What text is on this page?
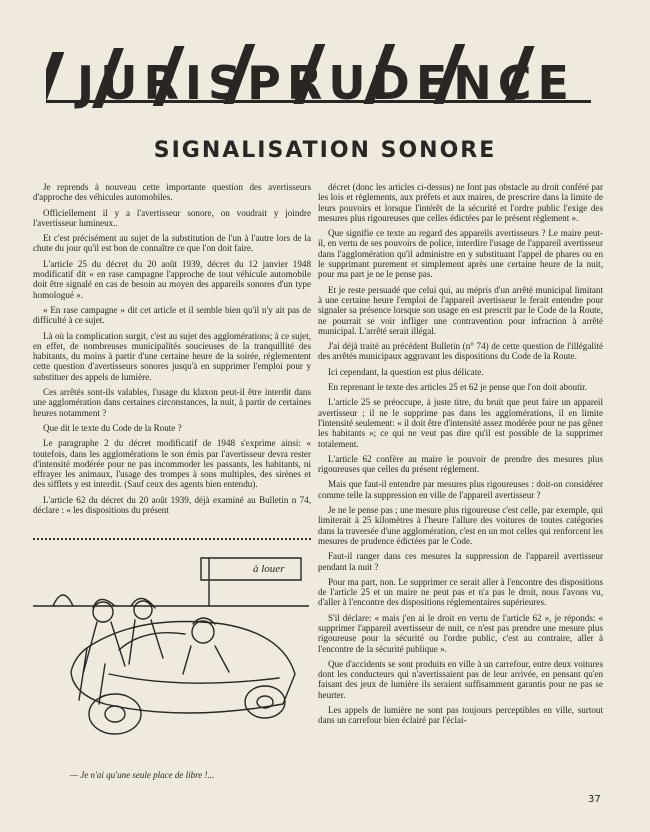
JURISPRUDENCE
SIGNALISATION SONORE

Je reprends à nouveau cette importante question des avertisseurs d'approche des véhicules automobiles.

Officiellement il y a l'avertisseur sonore, on voudrait y joindre l'avertisseur lumineux..

Et c'est précisément au sujet de la substitution de l'un à l'autre lors de la chute du jour qu'il est bon de connaître ce que l'on doit faire.

L'article 25 du décret du 20 août 1939, décret du 12 janvier 1948 modificatif dit « en rase campagne l'approche de tout véhicule automobile doit être signalé en cas de besoin au moyen des appareils sonores d'un type homologué ».

« En rase campagne » dit cet article et il semble bien qu'il n'y ait pas de difficulté à ce sujet.

Là où la complication surgit, c'est au sujet des agglomérations; à ce sujet, en effet, de nombreuses municipalités soucieuses de la tranquillité des habitants, du moins à partir d'une certaine heure de la soirée, réglementent cette question d'avertisseurs sonores jusqu'à en supprimer l'emploi pour y substituer des appels de lumière.

Ces arrêtés sont-ils valables, l'usage du klaxon peut-il être interdit dans une agglomération dans certaines circonstances, la nuit, à partir de certaines heures notamment ?

Que dit le texte du Code de la Route ?

Le paragraphe 2 du décret modificatif de 1948 s'exprime ainsi: « toutefois, dans les agglomérations le son émis par l'avertisseur devra rester d'intensité modérée pour ne pas incommoder les passants, les habitants, ni effrayer les animaux, l'usage des trompes à sons multiples, des sirènes et des sifflets y est interdit. (Sauf ceux des agents bien entendu).

L'article 62 du décret du 20 août 1939, déjà examiné au Bulletin n 74, déclare : « les dispositions du présent

à louer
— Je n'ai qu'une seule place de libre !...

décret (donc les articles ci-dessus) ne font pas obstacle au droit conféré par les lois et règlements, aux préfets et aux maires, de prescrire dans la limite de leurs pouvoirs et lorsque l'intérêt de la sécurité et l'ordre public l'exige des mesures plus rigoureuses que celles édictées par le présent règlement ».

Que signifie ce texte au regard des appareils avertisseurs ? Le maire peut-il, en vertu de ses pouvoirs de police, interdire l'usage de l'appareil avertisseur dans l'agglomération qu'il administre en y substituant l'appel de phares ou en le supprimant purement et simplement après une certaine heure de la nuit, pour ma part je ne le pense pas.

Et je reste persuadé que celui qui, au mépris d'un arrêté municipal limitant à une certaine heure l'emploi de l'appareil avertisseur le ferait entendre pour signaler sa présence lorsque son usage en est prescrit par le Code de la Route, ne pourrait se voir infliger une contravention pour infraction à arrêté municipal. L'arrêté serait illégal.

J'ai déjà traité au précédent Bulletin (n° 74) de cette question de l'illégalité des arrêtés municipaux aggravant les dispositions du Code de la Route.

Ici cependant, la question est plus délicate.

En reprenant le texte des articles 25 et 62 je pense que l'on doit aboutir.

L'article 25 se préoccupe, à juste titre, du bruit que peut faire un appareil avertisseur ; il ne le supprime pas dans les agglomérations, il en limite l'intensité seulement: « il doit être d'intensité assez modérée pour ne pas gêner les habitants »; ce qui ne veut pas dire qu'il est possible de la supprimer totalement.

L'article 62 confère au maire le pouvoir de prendre des mesures plus rigoureuses que celles du présent règlement.

Mais que faut-il entendre par mesures plus rigoureuses : doit-on considérer comme telle la suppression en ville de l'appareil avertisseur ?

Je ne le pense pas ; une mesure plus rigoureuse c'est celle, par exemple, qui limiterait à 25 kilomètres à l'heure l'allure des voitures de toutes catégories dans la traversée d'une agglomération, c'est en un mot celles qui renforcent les mesures de prudence édictées par le Code.

Faut-il ranger dans ces mesures la suppression de l'appareil avertisseur pendant la nuit ?

Pour ma part, non. Le supprimer ce serait aller à l'encontre des dispositions de l'article 25 et un maire ne peut pas et n'a pas le droit, nous l'avons vu, d'aller à l'encontre des dispositions réglementaires supérieures.

S'il déclare: « mais j'en ai le droit en vertu de l'article 62 », je réponds: « supprimer l'appareil avertisseur de nuit, ce n'est pas prendre une mesure plus rigoureuse pour la sécurité ou l'ordre public, c'est au contraire, aller à l'encontre de la sécurité publique ».

Que d'accidents se sont produits en ville à un carrefour, entre deux voitures dont les conducteurs qui n'avertissaient pas de leur arrivée, en pensant qu'en faisant des jeux de lumière ils seraient suffisamment garantis pour ne pas se heurter.

Les appels de lumière ne sont pas toujours perceptibles en ville, surtout dans un carrefour bien éclairé par l'éclai-

37
